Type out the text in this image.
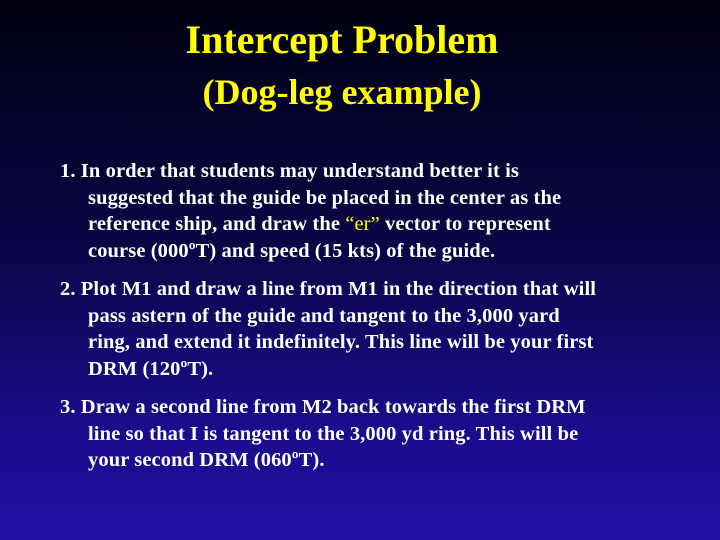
Intercept Problem
(Dog-leg example)
1. In order that students may understand better it is
suggested that the guide be placed in the center as the
reference ship, and draw the “er” vector to represent
course (000ºT) and speed (15 kts) of the guide.
2. Plot M1 and draw a line from M1 in the direction that will
pass astern of the guide and tangent to the 3,000 yard
ring, and extend it indefinitely. This line will be your first
DRM (120ºT).
3. Draw a second line from M2 back towards the first DRM
line so that I is tangent to the 3,000 yd ring. This will be
your second DRM (060ºT).
